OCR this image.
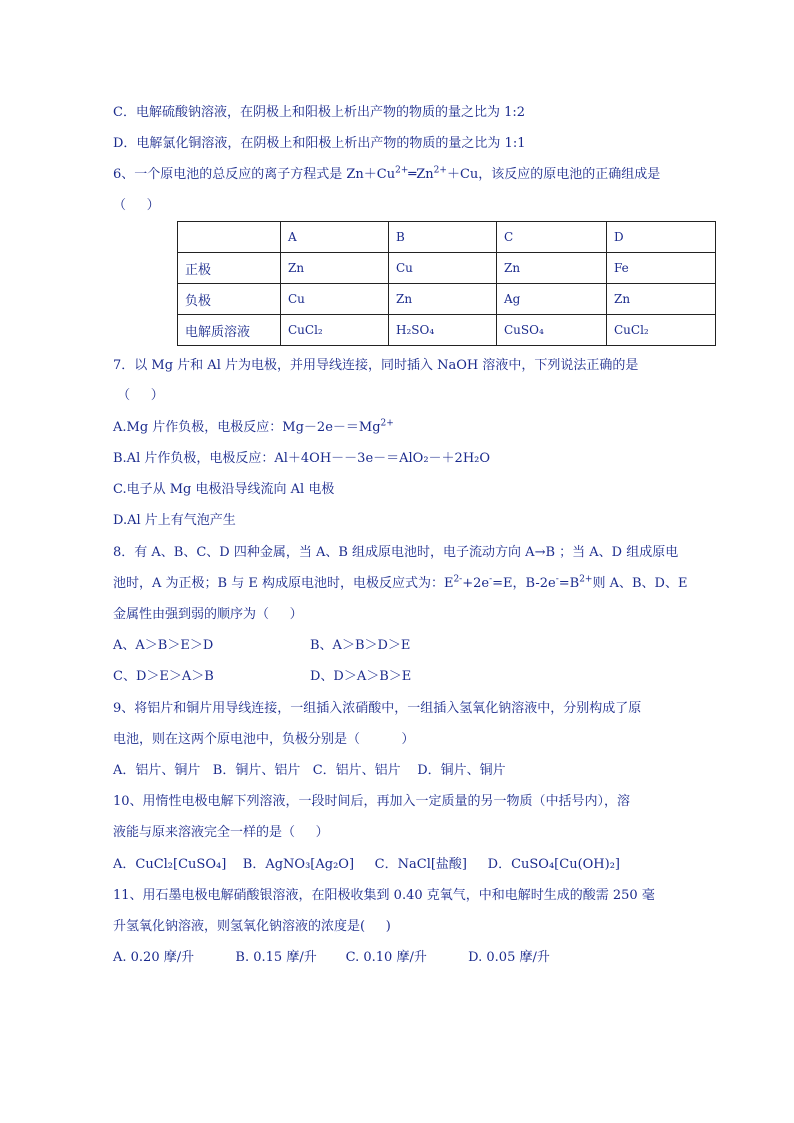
C．电解硫酸钠溶液，在阴极上和阳极上析出产物的物质的量之比为 1:2
D．电解氯化铜溶液，在阴极上和阳极上析出产物的物质的量之比为 1:1
6、一个原电池的总反应的离子方程式是 $Zn+Cu^{2+}═Zn^{2+}+Cu$，该反应的原电池的正确组成是
（     ）
	A	B	C	D
正极	Zn	Cu	Zn	Fe
负极	Cu	Zn	Ag	Zn
电解质溶液	CuCl₂	H₂SO₄	CuSO₄	CuCl₂
7．以 Mg 片和 Al 片为电极，并用导线连接，同时插入 NaOH 溶液中，下列说法正确的是
（     ）
A.Mg 片作负极，电极反应：$Mg-2e-=Mg^{2+}$
B.Al 片作负极，电极反应：Al＋4OH－－3e－＝AlO₂－＋2H₂O
C.电子从 Mg 电极沿导线流向 Al 电极
D.Al 片上有气泡产生
8．有 A、B、C、D 四种金属，当 A、B 组成原电池时，电子流动方向 A→B ；当 A、D 组成原电
池时，A 为正极；B 与 E 构成原电池时，电极反应式为：$E^{2-}+2e^-=E$，$B-2e^-=B^{2+}$则 A、B、D、E
金属性由强到弱的顺序为（     ）
A、A＞B＞E＞D	B、A＞B＞D＞E
C、D＞E＞A＞B	D、D＞A＞B＞E
9、将铝片和铜片用导线连接，一组插入浓硝酸中，一组插入氢氧化钠溶液中，分别构成了原
电池，则在这两个原电池中，负极分别是（          ）
A．铝片、铜片   B．铜片、铝片   C．铝片、铝片    D．铜片、铜片
10、用惰性电极电解下列溶液，一段时间后，再加入一定质量的另一物质（中括号内），溶
液能与原来溶液完全一样的是（     ）
A．CuCl₂[CuSO₄]    B．AgNO₃[Ag₂O]     C．NaCl[盐酸]     D．CuSO₄[Cu(OH)₂]
11、用石墨电极电解硝酸银溶液，在阳极收集到 0.40 克氧气，中和电解时生成的酸需 250 毫
升氢氧化钠溶液，则氢氧化钠溶液的浓度是(     )
A. 0.20 摩/升          B. 0.15 摩/升       C. 0.10 摩/升          D. 0.05 摩/升
